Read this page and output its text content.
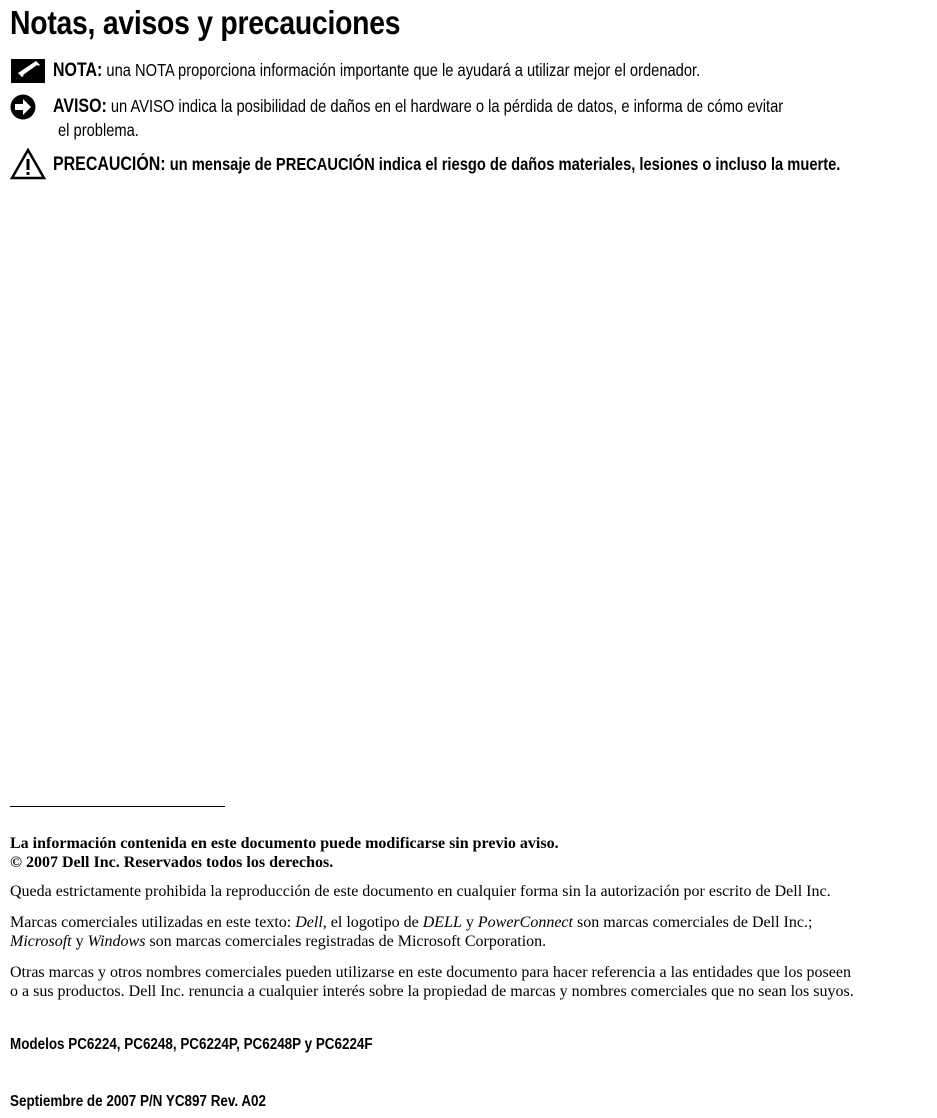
Notas, avisos y precauciones
NOTA: una NOTA proporciona información importante que le ayudará a utilizar mejor el ordenador.
AVISO: un AVISO indica la posibilidad de daños en el hardware o la pérdida de datos, e informa de cómo evitar
el problema.
PRECAUCIÓN: un mensaje de PRECAUCIÓN indica el riesgo de daños materiales, lesiones o incluso la muerte.
La información contenida en este documento puede modificarse sin previo aviso.
© 2007 Dell Inc. Reservados todos los derechos.
Queda estrictamente prohibida la reproducción de este documento en cualquier forma sin la autorización por escrito de Dell Inc.
Marcas comerciales utilizadas en este texto: Dell, el logotipo de DELL y PowerConnect son marcas comerciales de Dell Inc.;
Microsoft y Windows son marcas comerciales registradas de Microsoft Corporation.
Otras marcas y otros nombres comerciales pueden utilizarse en este documento para hacer referencia a las entidades que los poseen
o a sus productos. Dell Inc. renuncia a cualquier interés sobre la propiedad de marcas y nombres comerciales que no sean los suyos.
Modelos PC6224, PC6248, PC6224P, PC6248P y PC6224F
Septiembre de 2007 P/N YC897 Rev. A02
